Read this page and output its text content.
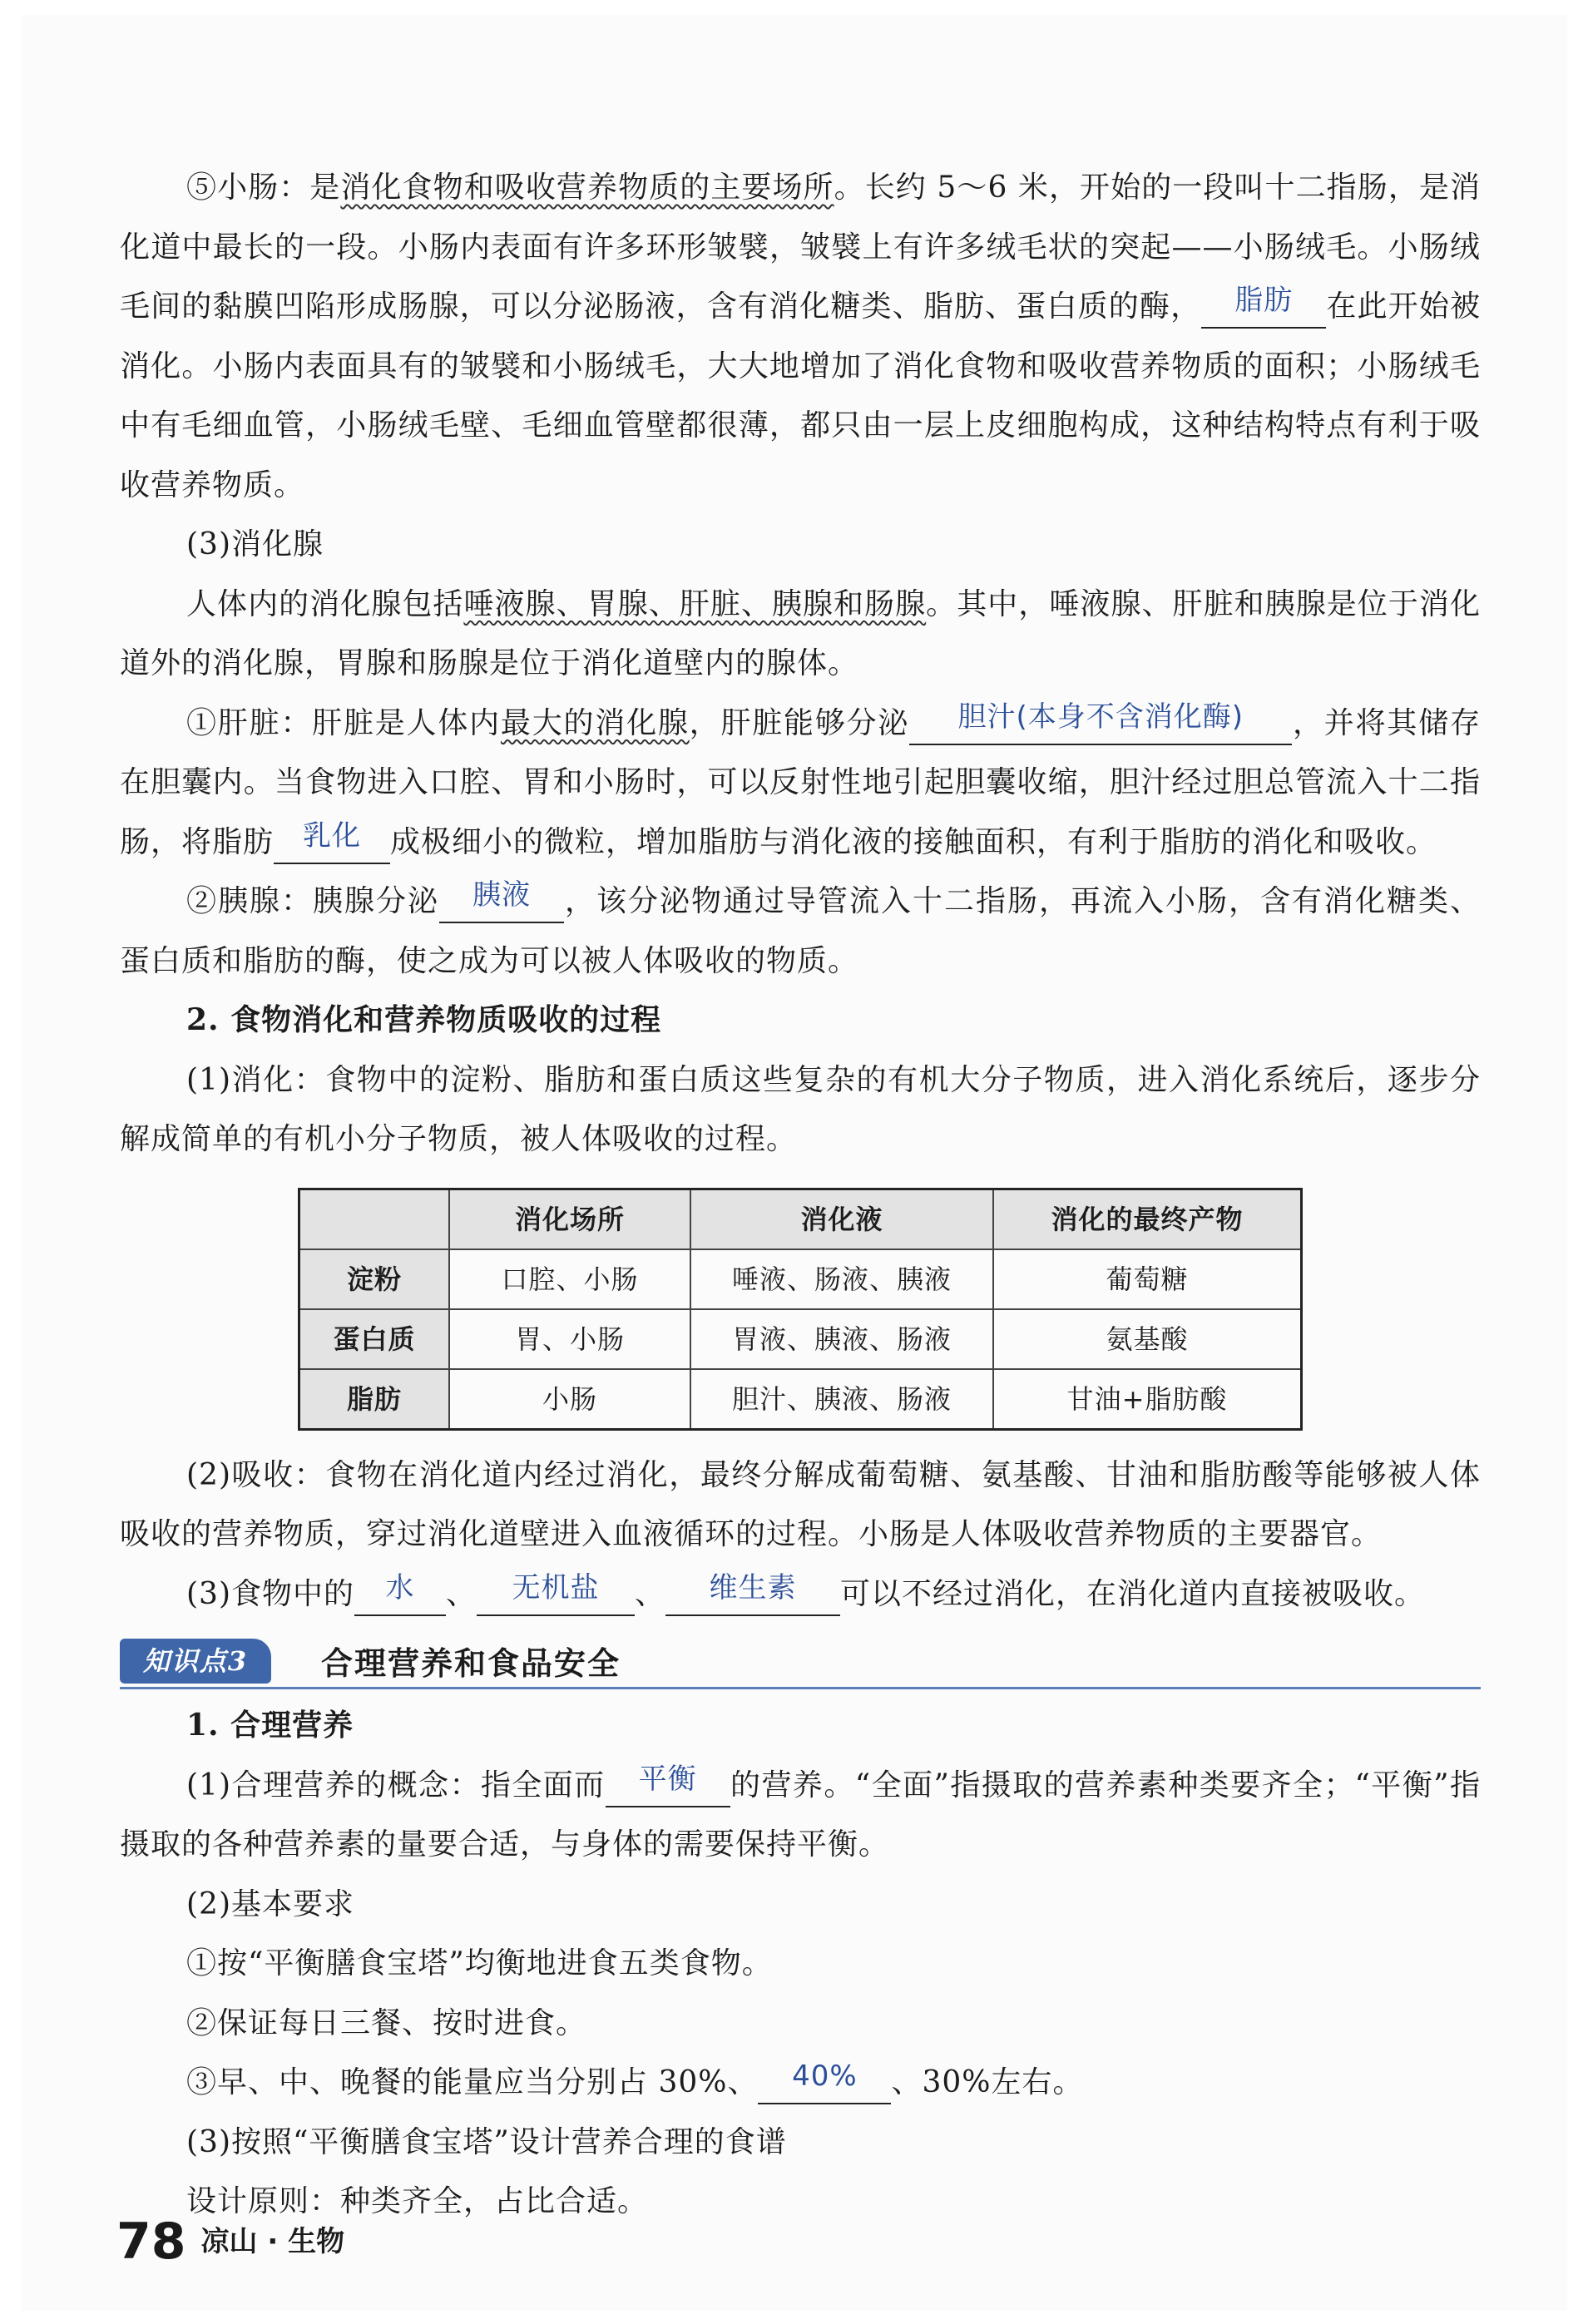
⑤小肠：是消化食物和吸收营养物质的主要场所。长约 5～6 米，开始的一段叫十二指肠，是消化道中最长的一段。小肠内表面有许多环形皱襞，皱襞上有许多绒毛状的突起——小肠绒毛。小肠绒毛间的黏膜凹陷形成肠腺，可以分泌肠液，含有消化糖类、脂肪、蛋白质的酶， 脂肪 在此开始被消化。小肠内表面具有的皱襞和小肠绒毛，大大地增加了消化食物和吸收营养物质的面积；小肠绒毛中有毛细血管，小肠绒毛壁、毛细血管壁都很薄，都只由一层上皮细胞构成，这种结构特点有利于吸收营养物质。

(3)消化腺

人体内的消化腺包括唾液腺、胃腺、肝脏、胰腺和肠腺。其中，唾液腺、肝脏和胰腺是位于消化道外的消化腺，胃腺和肠腺是位于消化道壁内的腺体。

①肝脏：肝脏是人体内最大的消化腺，肝脏能够分泌 胆汁(本身不含消化酶) ，并将其储存在胆囊内。当食物进入口腔、胃和小肠时，可以反射性地引起胆囊收缩，胆汁经过胆总管流入十二指肠，将脂肪 乳化 成极细小的微粒，增加脂肪与消化液的接触面积，有利于脂肪的消化和吸收。

②胰腺：胰腺分泌 胰液 ，该分泌物通过导管流入十二指肠，再流入小肠，含有消化糖类、蛋白质和脂肪的酶，使之成为可以被人体吸收的物质。

2. 食物消化和营养物质吸收的过程

(1)消化：食物中的淀粉、脂肪和蛋白质这些复杂的有机大分子物质，进入消化系统后，逐步分解成简单的有机小分子物质，被人体吸收的过程。

	消化场所	消化液	消化的最终产物
淀粉	口腔、小肠	唾液、肠液、胰液	葡萄糖
蛋白质	胃、小肠	胃液、胰液、肠液	氨基酸
脂肪	小肠	胆汁、胰液、肠液	甘油+脂肪酸

(2)吸收：食物在消化道内经过消化，最终分解成葡萄糖、氨基酸、甘油和脂肪酸等能够被人体吸收的营养物质，穿过消化道壁进入血液循环的过程。小肠是人体吸收营养物质的主要器官。

(3)食物中的 水 、 无机盐 、 维生素 可以不经过消化，在消化道内直接被吸收。

知识点3	合理营养和食品安全

1. 合理营养

(1)合理营养的概念：指全面而 平衡 的营养。“全面”指摄取的营养素种类要齐全；“平衡”指摄取的各种营养素的量要合适，与身体的需要保持平衡。

(2)基本要求

①按“平衡膳食宝塔”均衡地进食五类食物。

②保证每日三餐、按时进食。

③早、中、晚餐的能量应当分别占 30%、 40% 、30%左右。

(3)按照“平衡膳食宝塔”设计营养合理的食谱

设计原则：种类齐全，占比合适。

78 凉山 · 生物
